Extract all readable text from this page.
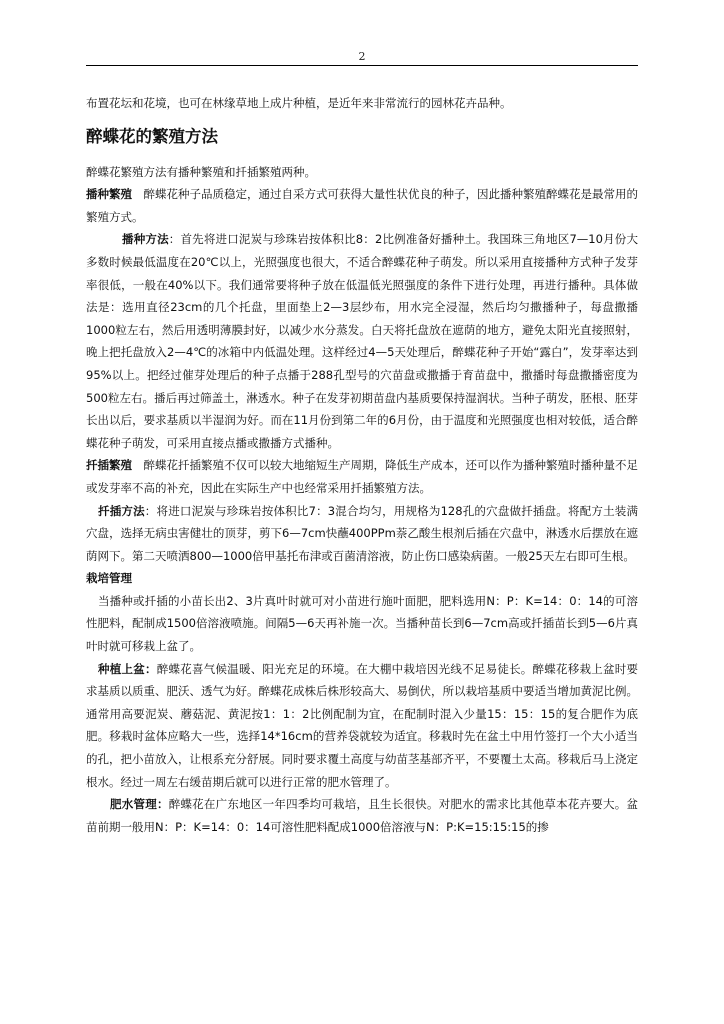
2

布置花坛和花境，也可在林缘草地上成片种植，是近年来非常流行的园林花卉品种。

醉蝶花的繁殖方法

醉蝶花繁殖方法有播种繁殖和扦插繁殖两种。

播种繁殖　醉蝶花种子品质稳定，通过自采方式可获得大量性状优良的种子，因此播种繁殖醉蝶花是最常用的繁殖方式。

播种方法：首先将进口泥炭与珍珠岩按体积比8：2比例准备好播种土。我国珠三角地区7—10月份大多数时候最低温度在20℃以上，光照强度也很大，不适合醉蝶花种子萌发。所以采用直接播种方式种子发芽率很低，一般在40%以下。我们通常要将种子放在低温低光照强度的条件下进行处理，再进行播种。具体做法是：选用直径23cm的几个托盘，里面垫上2—3层纱布，用水完全浸湿，然后均匀撒播种子，每盘撒播1000粒左右，然后用透明薄膜封好，以减少水分蒸发。白天将托盘放在遮荫的地方，避免太阳光直接照射，晚上把托盘放入2—4℃的冰箱中内低温处理。这样经过4—5天处理后，醉蝶花种子开始“露白”，发芽率达到95%以上。把经过催芽处理后的种子点播于288孔型号的穴苗盘或撒播于育苗盘中，撒播时每盘撒播密度为500粒左右。播后再过筛盖土，淋透水。种子在发芽初期苗盘内基质要保持湿润状。当种子萌发，胚根、胚芽长出以后，要求基质以半湿润为好。而在11月份到第二年的6月份，由于温度和光照强度也相对较低，适合醉蝶花种子萌发，可采用直接点播或撒播方式播种。

扦插繁殖　醉蝶花扦插繁殖不仅可以较大地缩短生产周期，降低生产成本，还可以作为播种繁殖时播种量不足或发芽率不高的补充，因此在实际生产中也经常采用扦插繁殖方法。

扦插方法：将进口泥炭与珍珠岩按体积比7：3混合均匀，用规格为128孔的穴盘做扦插盘。将配方土装满穴盘，选择无病虫害健壮的顶芽，剪下6—7cm快蘸400PPm萘乙酸生根剂后插在穴盘中，淋透水后摆放在遮荫网下。第二天喷洒800—1000倍甲基托布津或百菌清溶液，防止伤口感染病菌。一般25天左右即可生根。

栽培管理

当播种或扦插的小苗长出2、3片真叶时就可对小苗进行施叶面肥，肥料选用N：P：K=14：0：14的可溶性肥料，配制成1500倍溶液喷施。间隔5—6天再补施一次。当播种苗长到6—7cm高或扦插苗长到5—6片真叶时就可移栽上盆了。

种植上盆：醉蝶花喜气候温暖、阳光充足的环境。在大棚中栽培因光线不足易徒长。醉蝶花移栽上盆时要求基质以质重、肥沃、透气为好。醉蝶花成株后株形较高大、易倒伏，所以栽培基质中要适当增加黄泥比例。通常用高要泥炭、蘑菇泥、黄泥按1：1：2比例配制为宜，在配制时混入少量15：15：15的复合肥作为底肥。移栽时盆体应略大一些，选择14*16cm的营养袋就较为适宜。移栽时先在盆土中用竹签打一个大小适当的孔，把小苗放入，让根系充分舒展。同时要求覆土高度与幼苗茎基部齐平，不要覆土太高。移栽后马上浇定根水。经过一周左右缓苗期后就可以进行正常的肥水管理了。

肥水管理：醉蝶花在广东地区一年四季均可栽培，且生长很快。对肥水的需求比其他草本花卉要大。盆苗前期一般用N：P：K=14：0：14可溶性肥料配成1000倍溶液与N：P:K=15:15:15的掺
